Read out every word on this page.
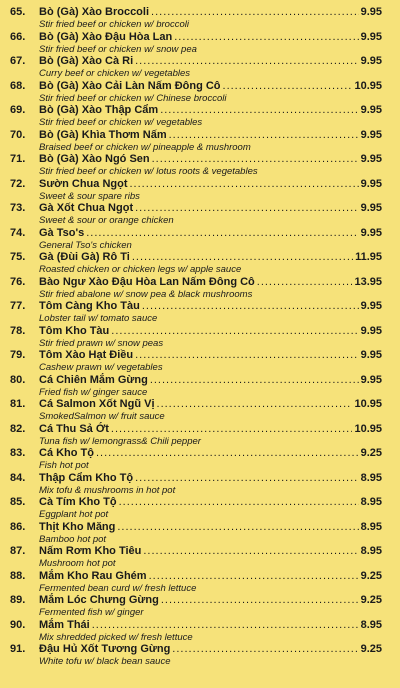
65.	Bò (Gà) Xào Broccoli .....	9.95
Stir fried beef or chicken w/ broccoli
66.	Bò (Gà) Xào Đậu Hòa Lan .....	9.95
Stir fried beef or chicken w/ snow pea
67.	Bò (Gà) Xào Cà Ri .....	9.95
Curry beef or chicken w/ vegetables
68.	Bò (Gà) Xào Cải Làn Nấm Đông Cô .....	10.95
Stir fried beef or chicken w/ Chinese broccoli
69.	Bò (Gà) Xào Thập Cẩm .....	9.95
Stir fried beef or chicken w/ vegetables
70.	Bò (Gà) Khìa Thơm Nấm .....	9.95
Braised beef or chicken w/ pineapple & mushroom
71.	Bò (Gà) Xào Ngó Sen .....	9.95
Stir fried beef or chicken w/ lotus roots & vegetables
72.	Sườn Chua Ngọt .....	9.95
Sweet & sour spare ribs
73.	Gà Xốt Chua Ngọt .....	9.95
Sweet & sour or orange chicken
74.	Gà Tso's .....	9.95
General Tso's chicken
75.	Gà (Đùi Gà) Rô Ti .....	11.95
Roasted chicken or chicken legs w/ apple sauce
76.	Bào Ngư Xào Đậu Hòa Lan Nấm Đông Cô .....	13.95
Stir fried abalone w/ snow pea & black mushrooms
77.	Tôm Càng Kho Tàu .....	9.95
Lobster tail w/ tomato sauce
78.	Tôm Kho Tàu .....	9.95
Stir fried prawn w/ snow peas
79.	Tôm Xào Hạt Điều .....	9.95
Cashew prawn w/ vegetables
80.	Cá Chiên Mắm Gừng .....	9.95
Fried fish w/ ginger sauce
81.	Cá Salmon Xốt Ngũ Vị .....	10.95
SmokedSalmon w/ fruit sauce
82.	Cá Thu Sả Ớt .....	10.95
Tuna fish w/ lemongrass& Chili pepper
83.	Cá Kho Tộ .....	9.25
Fish hot pot
84.	Thập Cẩm Kho Tộ .....	8.95
Mix tofu & mushrooms in hot pot
85.	Cà Tím Kho Tộ .....	8.95
Eggplant hot pot
86.	Thịt Kho Măng .....	8.95
Bamboo hot pot
87.	Nấm Rơm Kho Tiêu .....	8.95
Mushroom hot pot
88.	Mắm Kho Rau Ghém .....	9.25
Fermented bean curd w/ fresh lettuce
89.	Mắm Lóc Chưng Gừng .....	9.25
Fermented fish w/ ginger
90.	Mắm Thái .....	8.95
Mix shredded picked w/ fresh lettuce
91.	Đậu Hủ Xốt Tương Gừng .....	9.25
White tofu w/ black bean sauce
